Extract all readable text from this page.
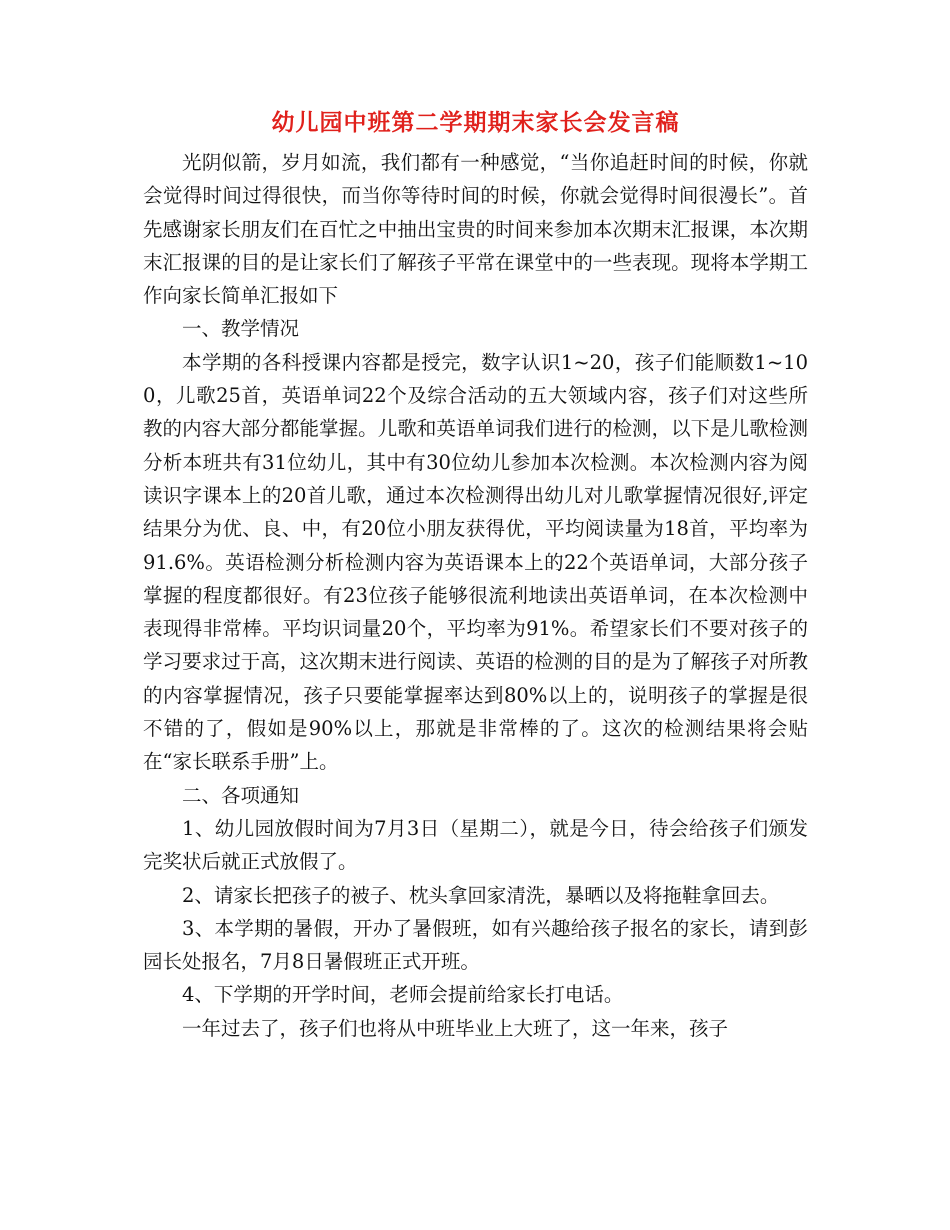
幼儿园中班第二学期期末家长会发言稿

光阴似箭，岁月如流，我们都有一种感觉，“当你追赶时间的时候，你就会觉得时间过得很快，而当你等待时间的时候，你就会觉得时间很漫长”。首先感谢家长朋友们在百忙之中抽出宝贵的时间来参加本次期末汇报课，本次期末汇报课的目的是让家长们了解孩子平常在课堂中的一些表现。现将本学期工作向家长简单汇报如下

一、教学情况

本学期的各科授课内容都是授完，数字认识1~20，孩子们能顺数1~100，儿歌25首，英语单词22个及综合活动的五大领域内容，孩子们对这些所教的内容大部分都能掌握。儿歌和英语单词我们进行的检测，以下是儿歌检测分析本班共有31位幼儿，其中有30位幼儿参加本次检测。本次检测内容为阅读识字课本上的20首儿歌，通过本次检测得出幼儿对儿歌掌握情况很好,评定结果分为优、良、中，有20位小朋友获得优，平均阅读量为18首，平均率为91.6%。英语检测分析检测内容为英语课本上的22个英语单词，大部分孩子掌握的程度都很好。有23位孩子能够很流利地读出英语单词，在本次检测中表现得非常棒。平均识词量20个，平均率为91%。希望家长们不要对孩子的学习要求过于高，这次期末进行阅读、英语的检测的目的是为了解孩子对所教的内容掌握情况，孩子只要能掌握率达到80%以上的，说明孩子的掌握是很不错的了，假如是90%以上，那就是非常棒的了。这次的检测结果将会贴在“家长联系手册”上。

二、各项通知

1、幼儿园放假时间为7月3日（星期二），就是今日，待会给孩子们颁发完奖状后就正式放假了。

2、请家长把孩子的被子、枕头拿回家清洗，暴晒以及将拖鞋拿回去。

3、本学期的暑假，开办了暑假班，如有兴趣给孩子报名的家长，请到彭园长处报名，7月8日暑假班正式开班。

4、下学期的开学时间，老师会提前给家长打电话。

一年过去了，孩子们也将从中班毕业上大班了，这一年来，孩子
